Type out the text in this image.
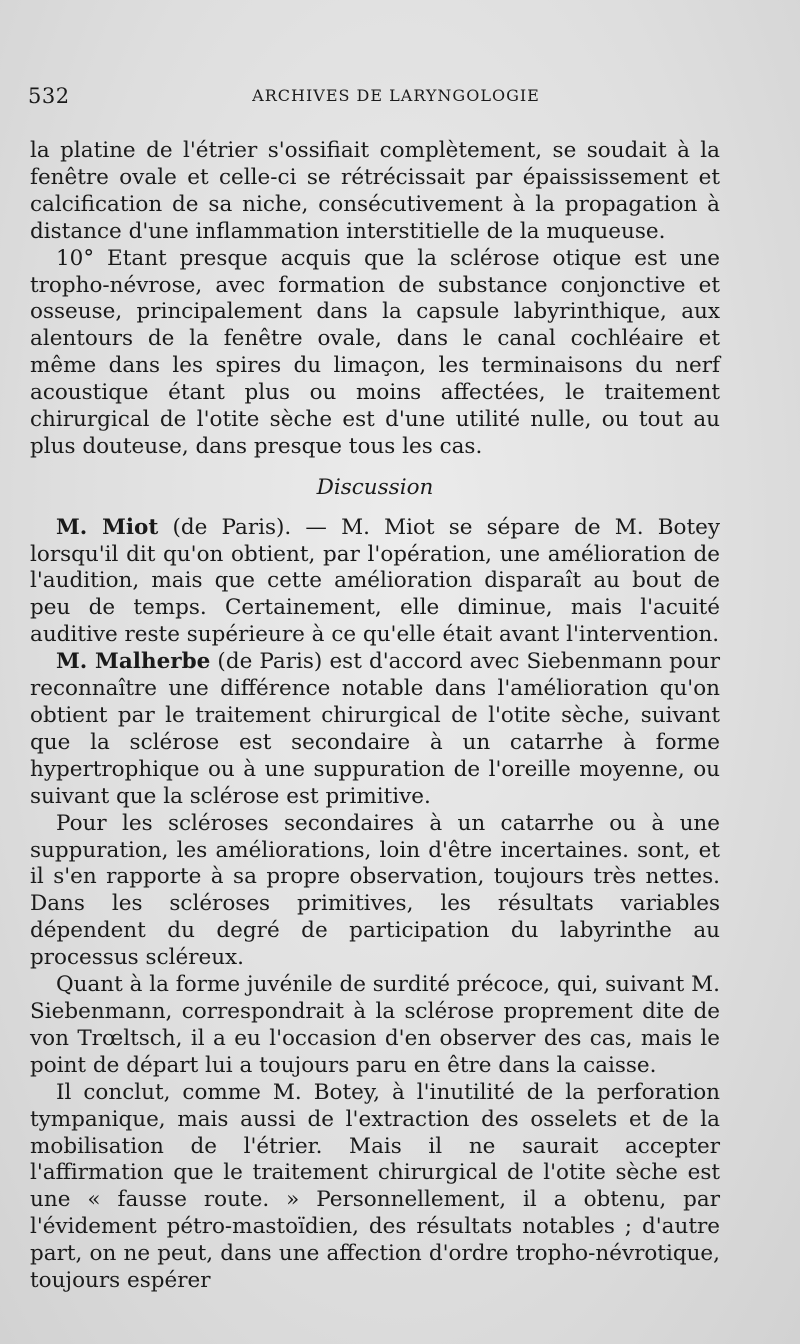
532	ARCHIVES DE LARYNGOLOGIE

la platine de l'étrier s'ossifiait complètement, se soudait à la fenêtre ovale et celle-ci se rétrécissait par épaississement et calcification de sa niche, consécutivement à la propagation à distance d'une inflammation interstitielle de la muqueuse.

10° Etant presque acquis que la sclérose otique est une tropho-névrose, avec formation de substance conjonctive et osseuse, principalement dans la capsule labyrinthique, aux alentours de la fenêtre ovale, dans le canal cochléaire et même dans les spires du limaçon, les terminaisons du nerf acoustique étant plus ou moins affectées, le traitement chirurgical de l'otite sèche est d'une utilité nulle, ou tout au plus douteuse, dans presque tous les cas.

Discussion

M. Miot (de Paris). — M. Miot se sépare de M. Botey lorsqu'il dit qu'on obtient, par l'opération, une amélioration de l'audition, mais que cette amélioration disparaît au bout de peu de temps. Certainement, elle diminue, mais l'acuité auditive reste supérieure à ce qu'elle était avant l'intervention.

M. Malherbe (de Paris) est d'accord avec Siebenmann pour reconnaître une différence notable dans l'amélioration qu'on obtient par le traitement chirurgical de l'otite sèche, suivant que la sclérose est secondaire à un catarrhe à forme hypertrophique ou à une suppuration de l'oreille moyenne, ou suivant que la sclérose est primitive.

Pour les scléroses secondaires à un catarrhe ou à une suppuration, les améliorations, loin d'être incertaines. sont, et il s'en rapporte à sa propre observation, toujours très nettes. Dans les scléroses primitives, les résultats variables dépendent du degré de participation du labyrinthe au processus scléreux.

Quant à la forme juvénile de surdité précoce, qui, suivant M. Siebenmann, correspondrait à la sclérose proprement dite de von Trœltsch, il a eu l'occasion d'en observer des cas, mais le point de départ lui a toujours paru en être dans la caisse.

Il conclut, comme M. Botey, à l'inutilité de la perforation tympanique, mais aussi de l'extraction des osselets et de la mobilisation de l'étrier. Mais il ne saurait accepter l'affirmation que le traitement chirurgical de l'otite sèche est une « fausse route. » Personnellement, il a obtenu, par l'évidement pétro-mastoïdien, des résultats notables ; d'autre part, on ne peut, dans une affection d'ordre tropho-névrotique, toujours espérer
